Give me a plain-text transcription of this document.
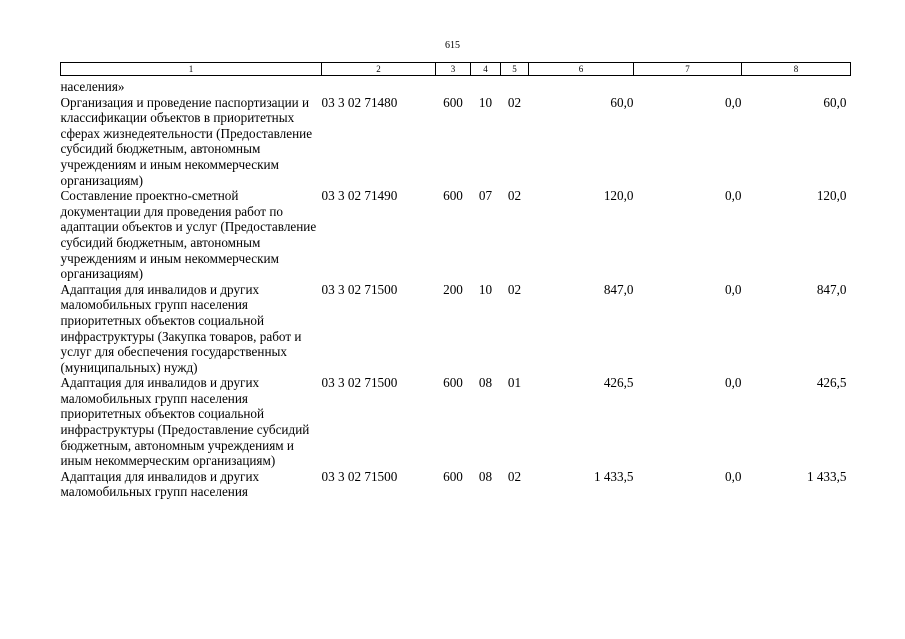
615
1	2	3	4	5	6	7	8
населения»							
Организация и проведение паспортизации и классификации объектов в приоритетных сферах жизнедеятельности (Предоставление субсидий бюджетным, автономным учреждениям и иным некоммерческим организациям)	03 3 02 71480	600	10	02	60,0	0,0	60,0
Составление проектно-сметной документации для проведения работ по адаптации объектов и услуг (Предоставление субсидий бюджетным, автономным учреждениям и иным некоммерческим организациям)	03 3 02 71490	600	07	02	120,0	0,0	120,0
Адаптация для инвалидов и других маломобильных групп населения приоритетных объектов социальной инфраструктуры (Закупка товаров, работ и услуг для обеспечения государственных (муниципальных) нужд)	03 3 02 71500	200	10	02	847,0	0,0	847,0
Адаптация для инвалидов и других маломобильных групп населения приоритетных объектов социальной инфраструктуры (Предоставление субсидий бюджетным, автономным учреждениям и иным некоммерческим организациям)	03 3 02 71500	600	08	01	426,5	0,0	426,5
Адаптация для инвалидов и других маломобильных групп населения	03 3 02 71500	600	08	02	1 433,5	0,0	1 433,5
